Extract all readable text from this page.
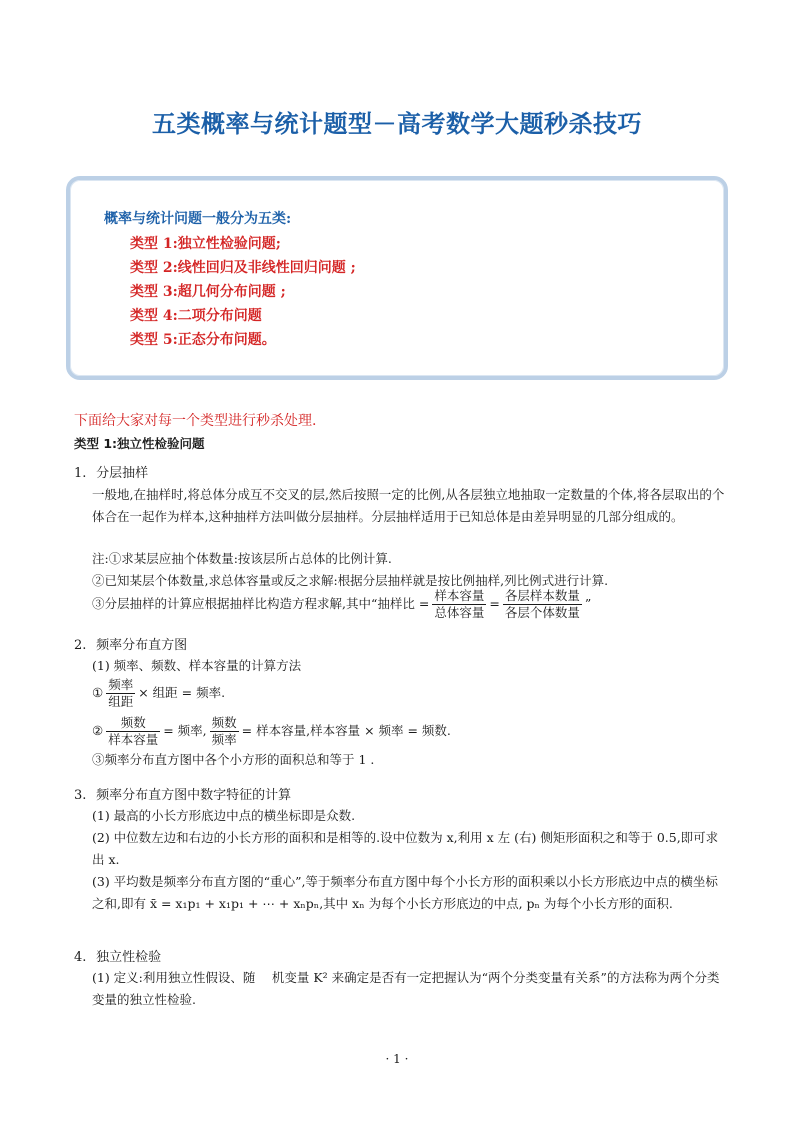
五类概率与统计题型－高考数学大题秒杀技巧
概率与统计问题一般分为五类:
类型 1:独立性检验问题;
类型 2:线性回归及非线性回归问题 ;
类型 3:超几何分布问题 ;
类型 4:二项分布问题
类型 5:正态分布问题。
下面给大家对每一个类型进行秒杀处理.
类型 1:独立性检验问题
1. 分层抽样
一般地,在抽样时,将总体分成互不交叉的层,然后按照一定的比例,从各层独立地抽取一定数量的个体,将各层取出的个体合在一起作为样本,这种抽样方法叫做分层抽样。分层抽样适用于已知总体是由差异明显的几部分组成的。
注:①求某层应抽个体数量:按该层所占总体的比例计算.
②已知某层个体数量,求总体容量或反之求解:根据分层抽样就是按比例抽样,列比例式进行计算.
③分层抽样的计算应根据抽样比构造方程求解,其中“抽样比 = $\frac{\text{样本容量}}{\text{总体容量}} = \frac{\text{各层样本数量}}{\text{各层个体数量}}$ ”
2. 频率分布直方图
(1) 频率、频数、样本容量的计算方法
① $\frac{\text{频率}}{\text{组距}}$ × 组距 = 频率.
② $\frac{\text{频数}}{\text{样本容量}}$ = 频率, $\frac{\text{频数}}{\text{频率}}$ = 样本容量,样本容量 × 频率 = 频数.
③频率分布直方图中各个小方形的面积总和等于 1 .
3. 频率分布直方图中数字特征的计算
(1) 最高的小长方形底边中点的横坐标即是众数.
(2) 中位数左边和右边的小长方形的面积和是相等的.设中位数为 x,利用 x 左 (右) 侧矩形面积之和等于 0.5,即可求出 x.
(3) 平均数是频率分布直方图的“重心”,等于频率分布直方图中每个小长方形的面积乘以小长方形底边中点的横坐标之和,即有 x̄ = x₁p₁ + x₁p₁ + ⋯ + xₙpₙ,其中 xₙ 为每个小长方形底边的中点, pₙ 为每个小长方形的面积.
4. 独立性检验
(1) 定义:利用独立性假设、随 　机变量 K² 来确定是否有一定把握认为“两个分类变量有关系”的方法称为两个分类变量的独立性检验.
· 1 ·
